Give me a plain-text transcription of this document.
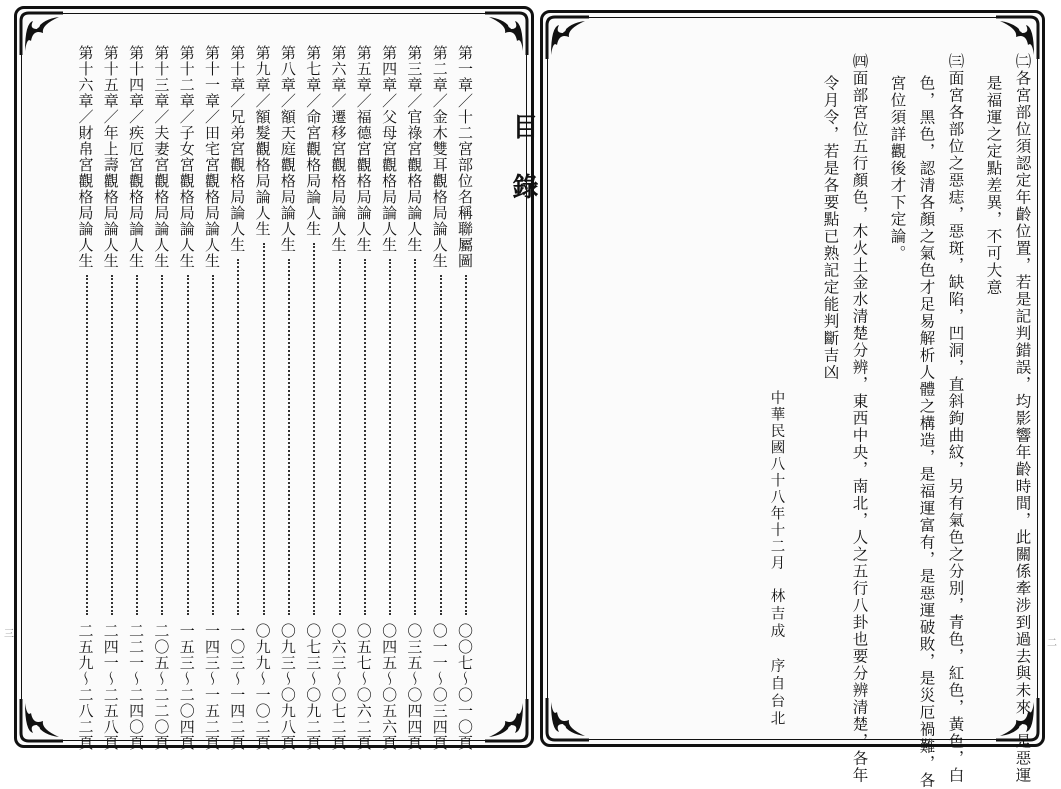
目錄
第一章／十二宮部位名稱聯屬圖
〇〇七～〇一〇頁
第二章／金木雙耳觀格局論人生
〇一一～〇三四頁
第三章／官祿宮觀格局論人生
〇三五～〇四四頁
第四章／父母宮觀格局論人生
〇四五～〇五六頁
第五章／福德宮觀格局論人生
〇五七～〇六二頁
第六章／遷移宮觀格局論人生
〇六三～〇七二頁
第七章／命宮觀格局論人生
〇七三～〇九二頁
第八章／額天庭觀格局論人生
〇九三～〇九八頁
第九章／額髮觀格局論人生
〇九九～一〇二頁
第十章／兄弟宮觀格局論人生
一〇三～一四二頁
第十一章／田宅宮觀格局論人生
一四三～一五二頁
第十二章／子女宮觀格局論人生
一五三～二〇四頁
第十三章／夫妻宮觀格局論人生
二〇五～二二〇頁
第十四章／疾厄宮觀格局論人生
二二一～二四〇頁
第十五章／年上壽觀格局論人生
二四一～二五八頁
第十六章／財帛宮觀格局論人生
二五九～二八二頁	㈡各宮部位須認定年齡位置，若是記判錯誤，均影響年齡時間，此關係牽涉到過去與未來，是惡運
是福運之定點差異，不可大意
㈢面宮各部位之惡痣，惡斑，缺陷，凹洞，直斜鉤曲紋，另有氣色之分別，青色，紅色，黃色，白
色，黑色，認清各顏之氣色才足易解析人體之構造，是福運富有，是惡運破敗，是災厄禍難，各
宮位須詳觀後才下定論。
㈣面部宮位五行顏色，木火土金水清楚分辨，東西中央，南北，人之五行八卦也要分辨清楚，各年
令月令，若是各要點已熟記定能判斷吉凶
中華民國八十八年十二月
林吉成　序自台北
三
二
